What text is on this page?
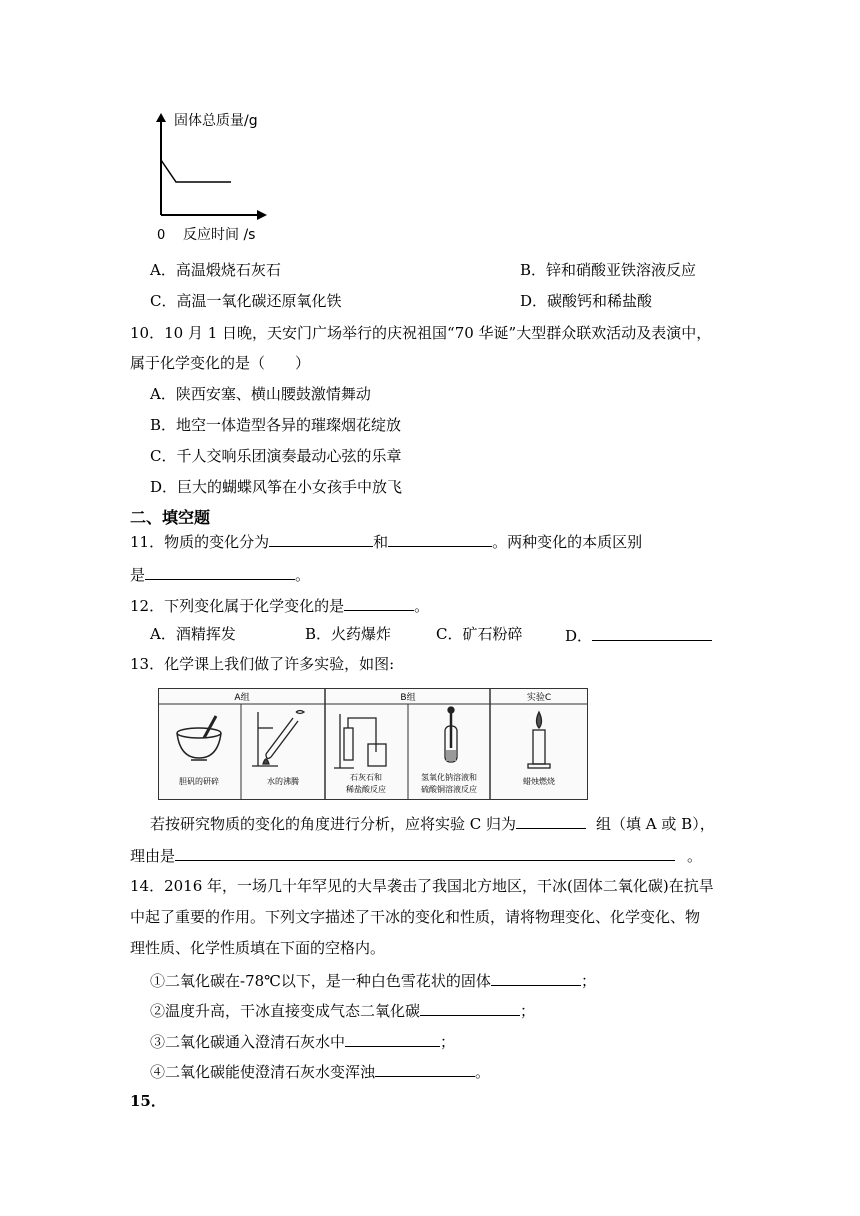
固体总质量/g
0 反应时间 /s
A．高温煅烧石灰石	B．锌和硝酸亚铁溶液反应
C．高温一氧化碳还原氧化铁	D．碳酸钙和稀盐酸
10．10 月 1 日晚，天安门广场举行的庆祝祖国“70 华诞”大型群众联欢活动及表演中，
属于化学变化的是（　　）
A．陕西安塞、横山腰鼓激情舞动
B．地空一体造型各异的璀璨烟花绽放
C．千人交响乐团演奏最动心弦的乐章
D．巨大的蝴蝶风筝在小女孩手中放飞
二、填空题
11．物质的变化分为	和	。两种变化的本质区别
是	。
12．下列变化属于化学变化的是	。
A．酒精挥发	B．火药爆炸	C．矿石粉碎	D．
13．化学课上我们做了许多实验，如图:
A组	B组	实验C
胆矾的研碎	水的沸腾	石灰石和
稀盐酸反应
氢氧化钠溶液和
硫酸铜溶液反应
蜡烛燃烧
若按研究物质的变化的角度进行分析，应将实验 C 归为	组（填 A 或 B），
理由是	。
14．2016 年，一场几十年罕见的大旱袭击了我国北方地区，干冰(固体二氧化碳)在抗旱
中起了重要的作用。下列文字描述了干冰的变化和性质，请将物理变化、化学变化、物
理性质、化学性质填在下面的空格内。
①二氧化碳在-78℃以下，是一种白色雪花状的固体	；
②温度升高，干冰直接变成气态二氧化碳	；
③二氧化碳通入澄清石灰水中	；
④二氧化碳能使澄清石灰水变浑浊	。
15．
